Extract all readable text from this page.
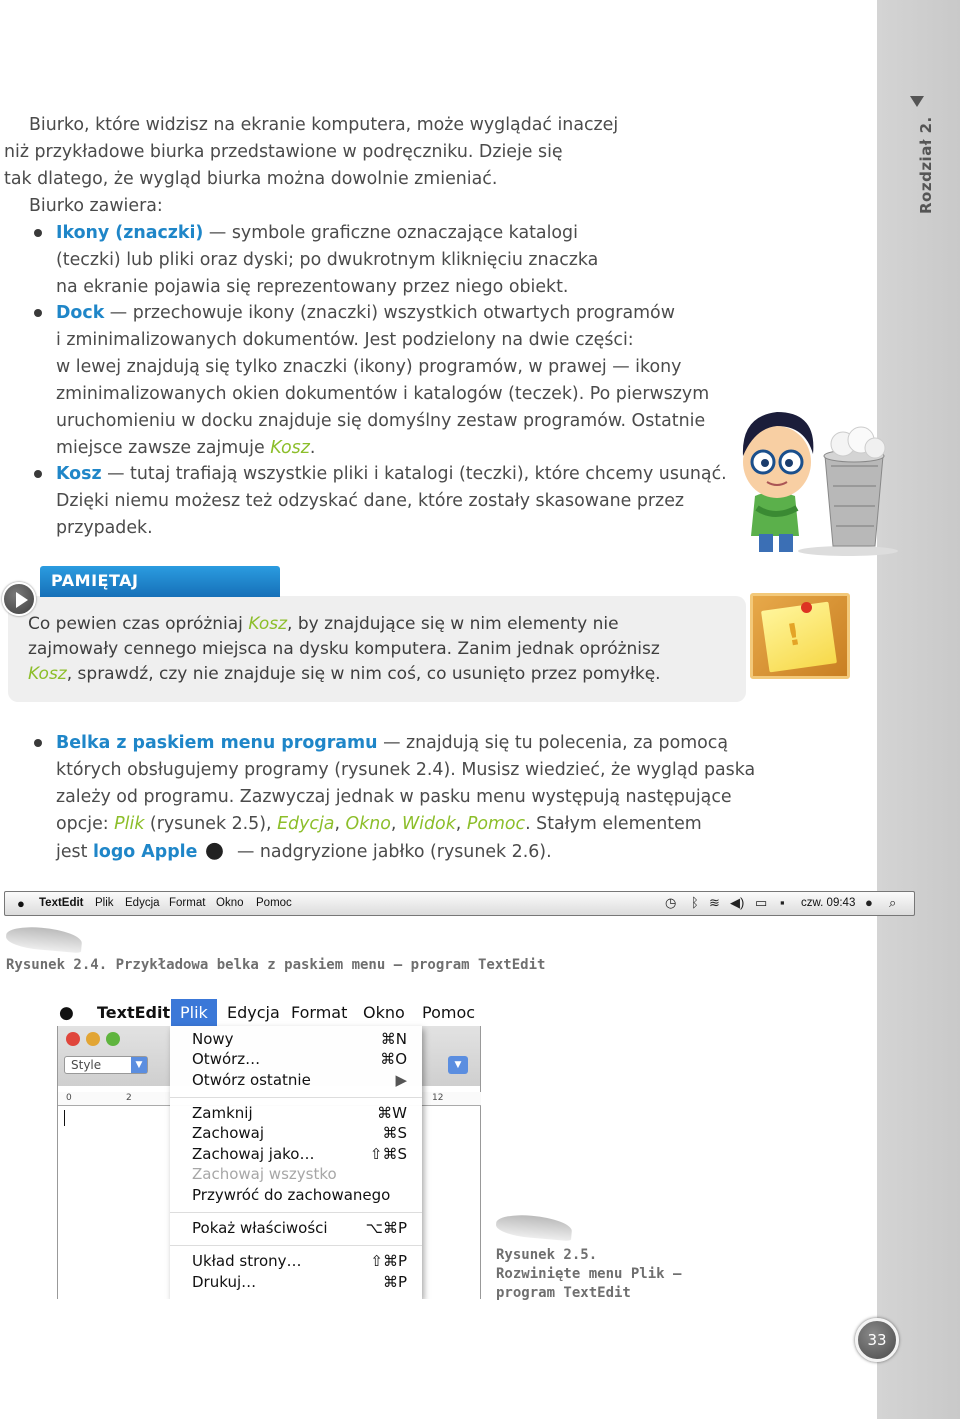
Rozdział 2.
Biurko, które widzisz na ekranie komputera, może wyglądać inaczej
niż przykładowe biurka przedstawione w podręczniku. Dzieje się
tak dlatego, że wygląd biurka można dowolnie zmieniać.
Biurko zawiera:
Ikony (znaczki) — symbole graficzne oznaczające katalogi
(teczki) lub pliki oraz dyski; po dwukrotnym kliknięciu znaczka
na ekranie pojawia się reprezentowany przez niego obiekt.
Dock — przechowuje ikony (znaczki) wszystkich otwartych programów
i zminimalizowanych dokumentów. Jest podzielony na dwie części:
w lewej znajdują się tylko znaczki (ikony) programów, w prawej — ikony
zminimalizowanych okien dokumentów i katalogów (teczek). Po pierwszym
uruchomieniu w docku znajduje się domyślny zestaw programów. Ostatnie
miejsce zawsze zajmuje Kosz.
Kosz — tutaj trafiają wszystkie pliki i katalogi (teczki), które chcemy usunąć.
Dzięki niemu możesz też odzyskać dane, które zostały skasowane przez
przypadek.
PAMIĘTAJ
Co pewien czas opróżniaj Kosz, by znajdujące się w nim elementy nie
zajmowały cennego miejsca na dysku komputera. Zanim jednak opróżnisz
Kosz, sprawdź, czy nie znajduje się w nim coś, co usunięto przez pomyłkę.
!
Belka z paskiem menu programu — znajdują się tu polecenia, za pomocą
których obsługujemy programy (rysunek 2.4). Musisz wiedzieć, że wygląd paska
zależy od programu. Zazwyczaj jednak w pasku menu występują następujące
opcje: Plik (rysunek 2.5), Edycja, Okno, Widok, Pomoc. Stałym elementem
jest logo Apple ● — nadgryzione jabłko (rysunek 2.6).
● TextEdit Plik Edycja Format Okno Pomoc	◷ ᛒ ≋ ◀) ▭ ▪ czw. 09:43 ● ⌕
Rysunek 2.4. Przykładowa belka z paskiem menu — program TextEdit
● TextEdit Plik	Edycja Format Okno Pomoc
Style	▼	▼
0	2	12
Nowy	⌘N
Otwórz…	⌘O
Otwórz ostatnie	▶
Zamknij	⌘W
Zachowaj	⌘S
Zachowaj jako…	⇧⌘S
Zachowaj wszystko
Przywróć do zachowanego
Pokaż właściwości	⌥⌘P
Układ strony…	⇧⌘P
Drukuj…	⌘P
Rysunek 2.5.
Rozwinięte menu Plik —
program TextEdit
33
